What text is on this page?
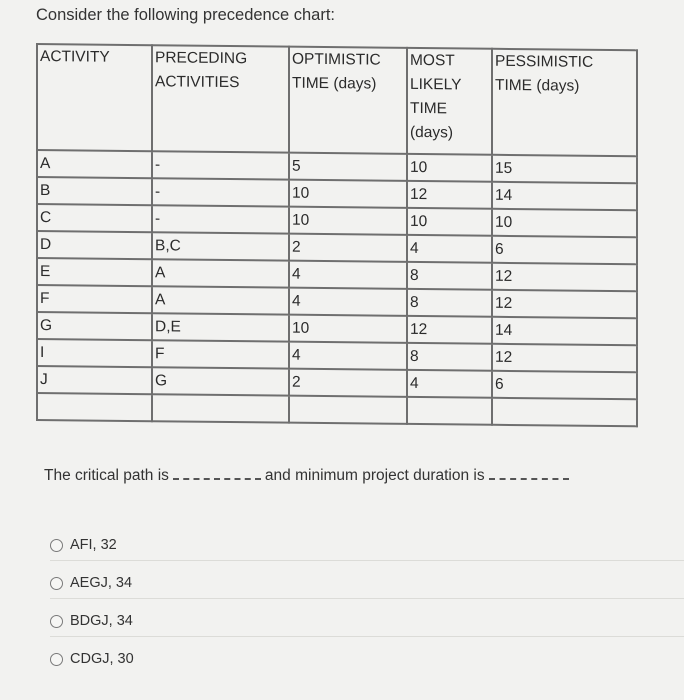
Consider the following precedence chart:
ACTIVITY	PRECEDING ACTIVITIES	OPTIMISTIC TIME (days)	MOST LIKELY TIME (days)	PESSIMISTIC TIME (days)
A	-	5	10	15
B	-	10	12	14
C	-	10	10	10
D	B,C	2	4	6
E	A	4	8	12
F	A	4	8	12
G	D,E	10	12	14
I	F	4	8	12
J	G	2	4	6

The critical path is	and minimum project duration is
AFI, 32
AEGJ, 34
BDGJ, 34
CDGJ, 30
